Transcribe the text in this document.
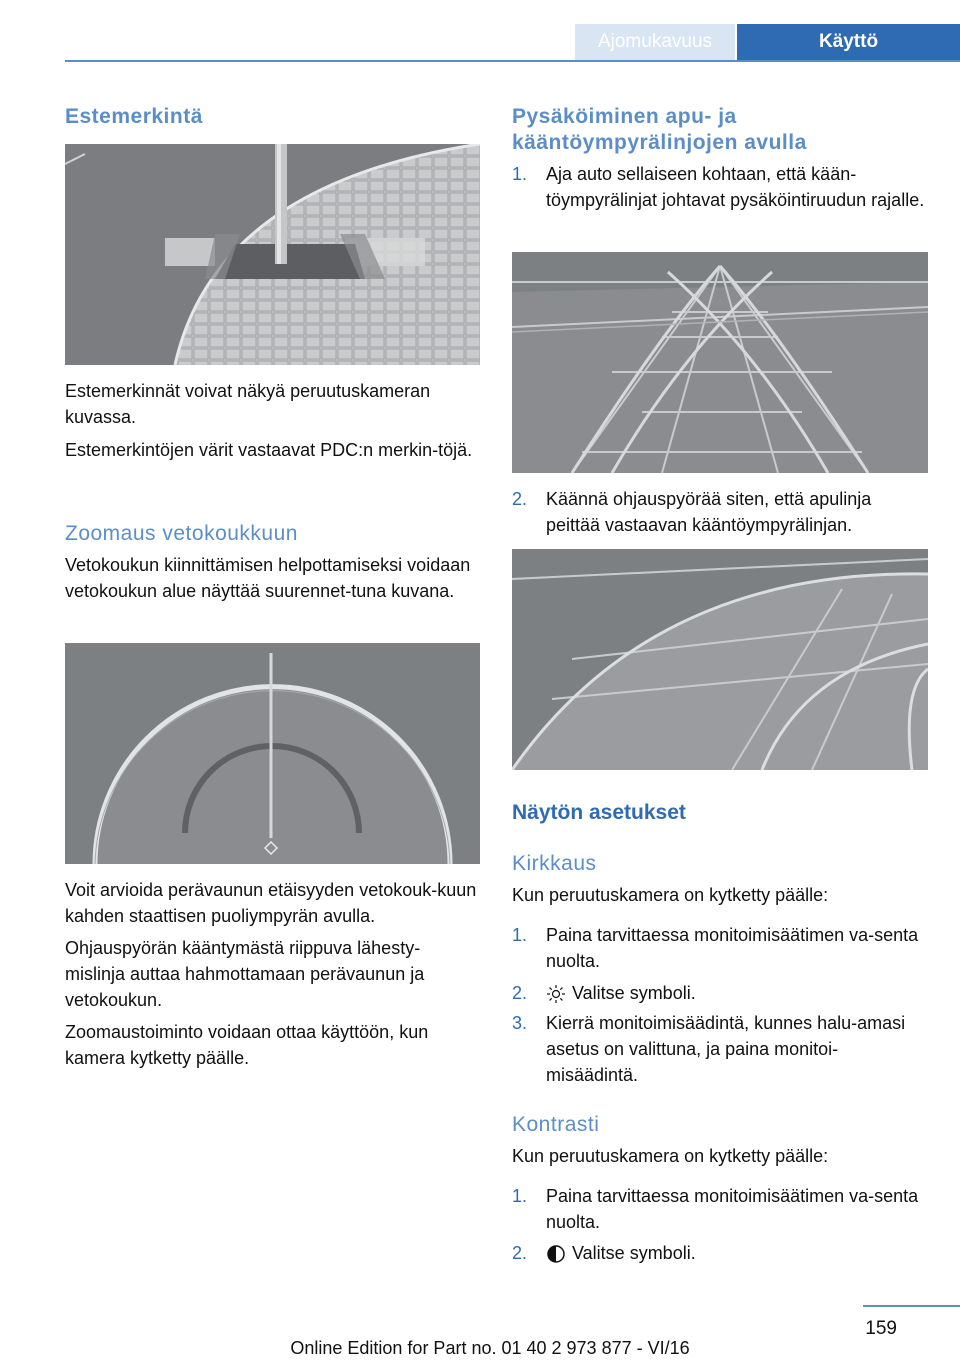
Ajomukavuus	Käyttö
Estemerkintä
Estemerkinnät voivat näkyä peruutuskameran kuvassa.
Estemerkintöjen värit vastaavat PDC:n merkin‐töjä.
Zoomaus vetokoukkuun
Vetokoukun kiinnittämisen helpottamiseksi voidaan vetokoukun alue näyttää suurennet‐tuna kuvana.
Voit arvioida perävaunun etäisyyden vetokouk‐kuun kahden staattisen puoliympyrän avulla.
Ohjauspyörän kääntymästä riippuva lähesty‐mislinja auttaa hahmottamaan perävaunun ja vetokoukun.
Zoomaustoiminto voidaan ottaa käyttöön, kun kamera kytketty päälle.
Pysäköiminen apu- ja kääntöympyrälinjojen avulla
1. Aja auto sellaiseen kohtaan, että kään‐töympyrälinjat johtavat pysäköintiruudun rajalle.
2. Käännä ohjauspyörää siten, että apulinja peittää vastaavan kääntöympyrälinjan.
Näytön asetukset
Kirkkaus
Kun peruutuskamera on kytketty päälle:
1. Paina tarvittaessa monitoimisäätimen va‐senta nuolta.
2.	Valitse symboli.
3. Kierrä monitoimisäädintä, kunnes halu‐amasi asetus on valittuna, ja paina monitoi‐misäädintä.
Kontrasti
Kun peruutuskamera on kytketty päälle:
1. Paina tarvittaessa monitoimisäätimen va‐senta nuolta.
2.	Valitse symboli.
159
Online Edition for Part no. 01 40 2 973 877 - VI/16
